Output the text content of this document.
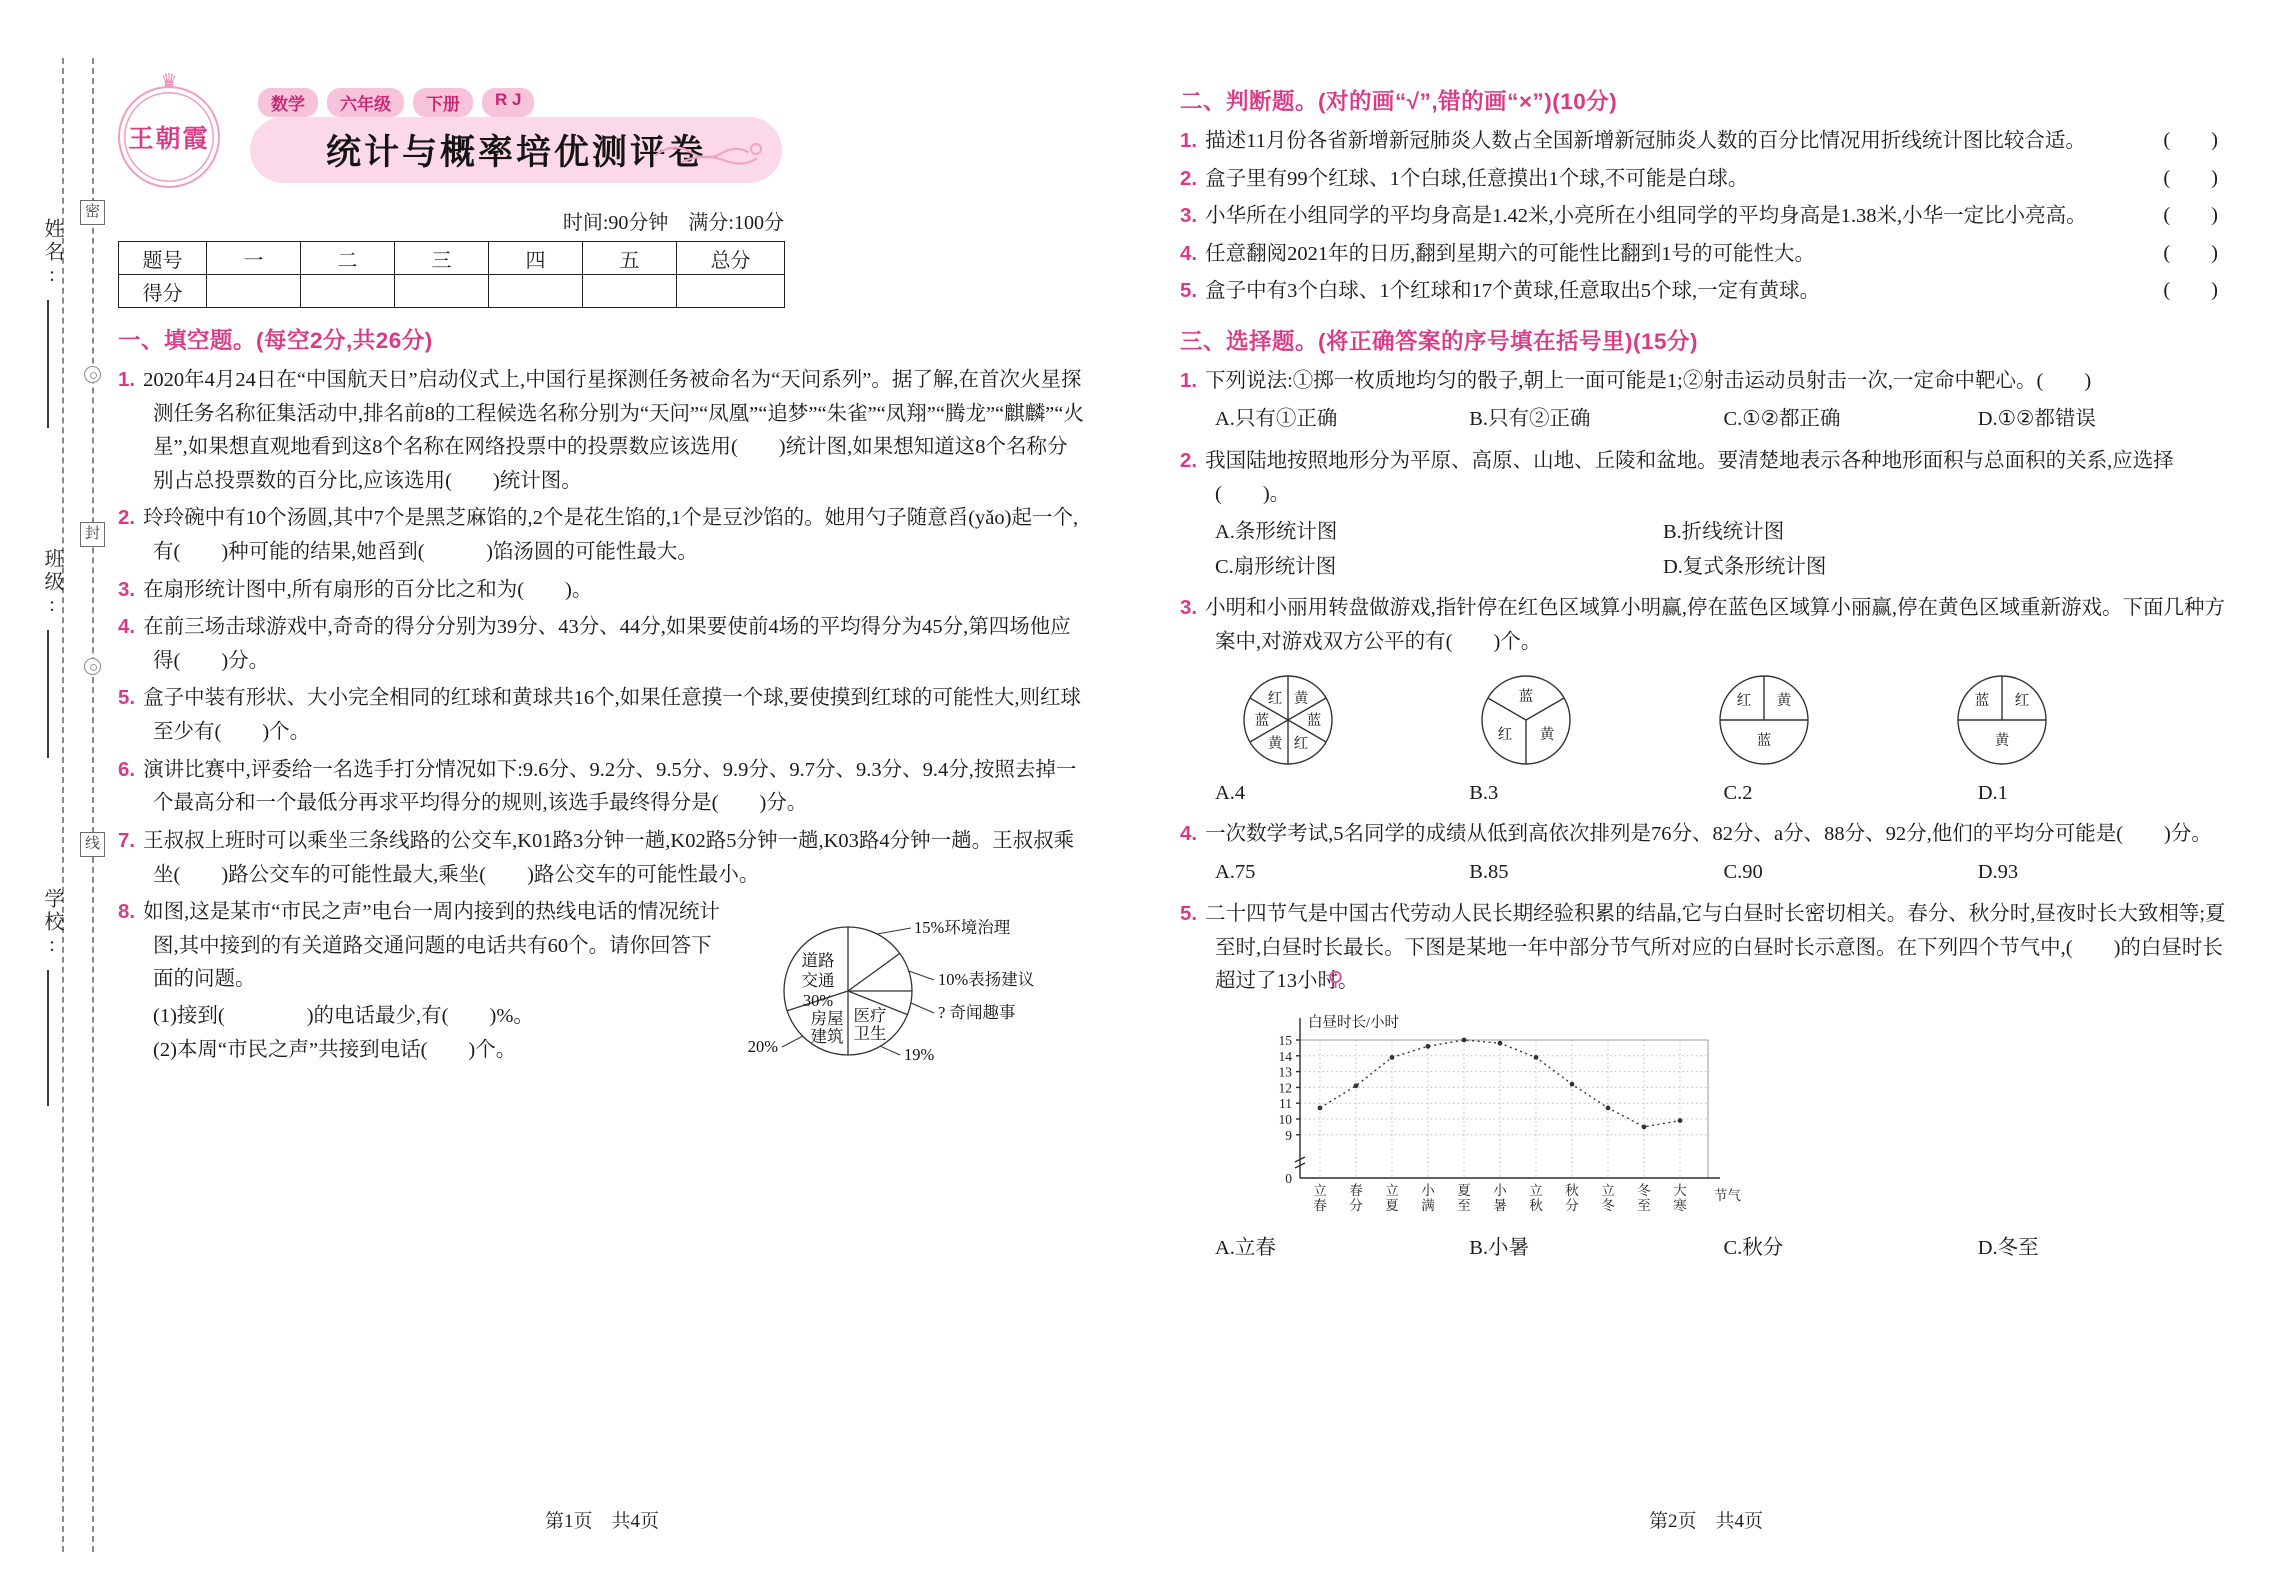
密
封
线
姓名:
班级:
学校:
♛
王朝霞
数学	六年级	下册	R J
统计与概率培优测评卷
时间:90分钟　满分:100分
题号	一	二	三	四	五	总分
得分						
一、填空题。(每空2分,共26分)

1. 2020年4月24日在“中国航天日”启动仪式上,中国行星探测任务被命名为“天问系列”。据了解,在首次火星探测任务名称征集活动中,排名前8的工程候选名称分别为“天问”“凤凰”“追梦”“朱雀”“凤翔”“腾龙”“麒麟”“火星”,如果想直观地看到这8个名称在网络投票中的投票数应该选用(　　)统计图,如果想知道这8个名称分别占总投票数的百分比,应该选用(　　)统计图。

2. 玲玲碗中有10个汤圆,其中7个是黑芝麻馅的,2个是花生馅的,1个是豆沙馅的。她用勺子随意舀(yǎo)起一个,有(　　)种可能的结果,她舀到(　　　)馅汤圆的可能性最大。

3. 在扇形统计图中,所有扇形的百分比之和为(　　)。

4. 在前三场击球游戏中,奇奇的得分分别为39分、43分、44分,如果要使前4场的平均得分为45分,第四场他应得(　　)分。

5. 盒子中装有形状、大小完全相同的红球和黄球共16个,如果任意摸一个球,要使摸到红球的可能性大,则红球至少有(　　)个。

6. 演讲比赛中,评委给一名选手打分情况如下:9.6分、9.2分、9.5分、9.9分、9.7分、9.3分、9.4分,按照去掉一个最高分和一个最低分再求平均得分的规则,该选手最终得分是(　　)分。

7. 王叔叔上班时可以乘坐三条线路的公交车,K01路3分钟一趟,K02路5分钟一趟,K03路4分钟一趟。王叔叔乘坐(　　)路公交车的可能性最大,乘坐(　　)路公交车的可能性最小。

道路
交通
30%
房屋
建筑
医疗
卫生
15%环境治理
10%表扬建议
? 奇闻趣事
19%
20%

8. 如图,这是某市“市民之声”电台一周内接到的热线电话的情况统计图,其中接到的有关道路交通问题的电话共有60个。请你回答下面的问题。

(1)接到(　　　　)的电话最少,有(　　)%。

(2)本周“市民之声”共接到电话(　　)个。

二、判断题。(对的画“√”,错的画“×”)(10分)

1. 描述11月份各省新增新冠肺炎人数占全国新增新冠肺炎人数的百分比情况用折线统计图比较合适。	(　　)

2. 盒子里有99个红球、1个白球,任意摸出1个球,不可能是白球。	(　　)

3. 小华所在小组同学的平均身高是1.42米,小亮所在小组同学的平均身高是1.38米,小华一定比小亮高。	(　　)

4. 任意翻阅2021年的日历,翻到星期六的可能性比翻到1号的可能性大。	(　　)

5. 盒子中有3个白球、1个红球和17个黄球,任意取出5个球,一定有黄球。	(　　)

三、选择题。(将正确答案的序号填在括号里)(15分)

1. 下列说法:①掷一枚质地均匀的骰子,朝上一面可能是1;②射击运动员射击一次,一定命中靶心。(　　)

A.只有①正确	B.只有②正确	C.①②都正确	D.①②都错误

2. 我国陆地按照地形分为平原、高原、山地、丘陵和盆地。要清楚地表示各种地形面积与总面积的关系,应选择(　　)。

A.条形统计图	B.折线统计图
C.扇形统计图	D.复式条形统计图

3. 小明和小丽用转盘做游戏,指针停在红色区域算小明赢,停在蓝色区域算小丽赢,停在黄色区域重新游戏。下面几种方案中,对游戏双方公平的有(　　)个。

红 黄
蓝	蓝
黄 红
蓝
红 黄
红 黄
蓝
蓝 红
黄
A.4	B.3	C.2	D.1

4. 一次数学考试,5名同学的成绩从低到高依次排列是76分、82分、a分、88分、92分,他们的平均分可能是(　　)分。

A.75	B.85	C.90	D.93

5. 二十四节气是中国古代劳动人民长期经验积累的结晶,它与白昼时长密切相关。春分、秋分时,昼夜时长大致相等;夏至时,白昼时长最长。下图是某地一年中部分节气所对应的白昼时长示意图。在下列四个节气中,(　　)的白昼时长超过了13小时。

0
9
10
11
12
13
14
15
立春
春分
立夏
小满
夏至
小暑
立秋
秋分
立冬
冬至
大寒
白昼时长/小时
节气
A.立春	B.小暑	C.秋分	D.冬至
第1页　共4页	第2页　共4页
